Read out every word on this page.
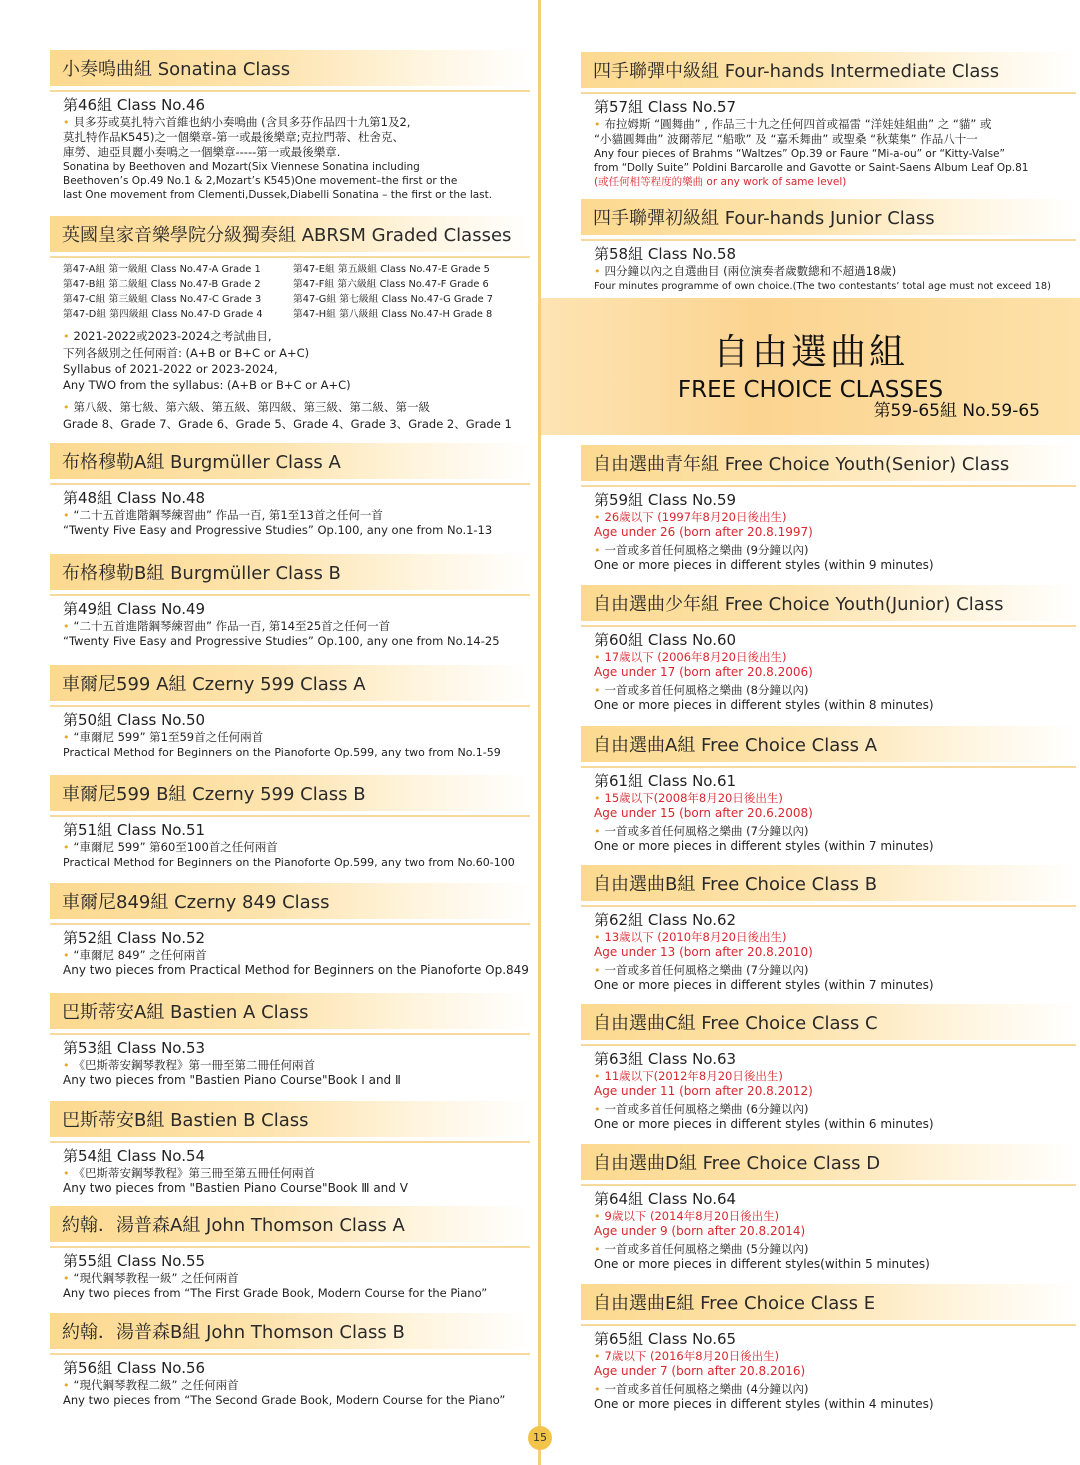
小奏鳴曲組 Sonatina Class
第46組 Class No.46
• 貝多芬或莫扎特六首維也納小奏鳴曲 (含貝多芬作品四十九第1及2,
莫扎特作品K545)之一個樂章-第一或最後樂章;克拉門蒂、杜舍克、
庫勞、迪亞貝麗小奏鳴之一個樂章-----第一或最後樂章.
Sonatina by Beethoven and Mozart(Six Viennese Sonatina including
Beethoven’s Op.49 No.1 & 2,Mozart’s K545)One movement–the first or the
last One movement from Clementi,Dussek,Diabelli Sonatina – the first or the last.
英國皇家音樂學院分級獨奏組 ABRSM Graded Classes
第47-A組 第一級組 Class No.47-A Grade 1	第47-E組 第五級組 Class No.47-E Grade 5
第47-B組 第二級組 Class No.47-B Grade 2	第47-F組 第六級組 Class No.47-F Grade 6
第47-C組 第三級組 Class No.47-C Grade 3	第47-G組 第七級組 Class No.47-G Grade 7
第47-D組 第四級組 Class No.47-D Grade 4	第47-H組 第八級組 Class No.47-H Grade 8
• 2021-2022或2023-2024之考試曲目,
下列各級別之任何兩首: (A+B or B+C or A+C)
Syllabus of 2021-2022 or 2023-2024,
Any TWO from the syllabus: (A+B or B+C or A+C)
• 第八級、第七級、第六級、第五級、第四級、第三級、第二級、第一級
Grade 8、Grade 7、Grade 6、Grade 5、Grade 4、Grade 3、Grade 2、Grade 1
布格穆勒A組 Burgmüller Class A
第48組 Class No.48
• “二十五首進階鋼琴練習曲” 作品一百, 第1至13首之任何一首
“Twenty Five Easy and Progressive Studies” Op.100, any one from No.1-13
布格穆勒B組 Burgmüller Class B
第49組 Class No.49
• “二十五首進階鋼琴練習曲” 作品一百, 第14至25首之任何一首
“Twenty Five Easy and Progressive Studies” Op.100, any one from No.14-25
車爾尼599 A組 Czerny 599 Class A
第50組 Class No.50
• “車爾尼 599” 第1至59首之任何兩首
Practical Method for Beginners on the Pianoforte Op.599, any two from No.1-59
車爾尼599 B組 Czerny 599 Class B
第51組 Class No.51
• “車爾尼 599” 第60至100首之任何兩首
Practical Method for Beginners on the Pianoforte Op.599, any two from No.60-100
車爾尼849組 Czerny 849 Class
第52組 Class No.52
• “車爾尼 849” 之任何兩首
Any two pieces from Practical Method for Beginners on the Pianoforte Op.849
巴斯蒂安A組 Bastien A Class
第53組 Class No.53
• 《巴斯蒂安鋼琴教程》第一冊至第二冊任何兩首
Any two pieces from "Bastien Piano Course"Book Ⅰ and Ⅱ
巴斯蒂安B組 Bastien B Class
第54組 Class No.54
• 《巴斯蒂安鋼琴教程》第三冊至第五冊任何兩首
Any two pieces from "Bastien Piano Course"Book Ⅲ and Ⅴ
約翰．湯普森A組 John Thomson Class A
第55組 Class No.55
• “現代鋼琴教程一級” 之任何兩首
Any two pieces from “The First Grade Book, Modern Course for the Piano”
約翰．湯普森B組 John Thomson Class B
第56組 Class No.56
• “現代鋼琴教程二級” 之任何兩首
Any two pieces from “The Second Grade Book, Modern Course for the Piano”
四手聯彈中級組 Four-hands Intermediate Class
第57組 Class No.57
• 布拉姆斯 “圓舞曲” , 作品三十九之任何四首或福雷 “洋娃娃組曲” 之 “貓” 或
“小貓圓舞曲” 波爾蒂尼 “船歌” 及 “嘉禾舞曲” 或聖桑 “秋葉集” 作品八十一
Any four pieces of Brahms “Waltzes” Op.39 or Faure “Mi-a-ou” or “Kitty-Valse”
from “Dolly Suite” Poldini Barcarolle and Gavotte or Saint-Saens Album Leaf Op.81
(或任何相等程度的樂曲 or any work of same level)
四手聯彈初級組 Four-hands Junior Class
第58組 Class No.58
• 四分鐘以內之自選曲目 (兩位演奏者歲數總和不超過18歲)
Four minutes programme of own choice.(The two contestants’ total age must not exceed 18)
自由選曲組
FREE CHOICE CLASSES
第59-65組 No.59-65
自由選曲青年組 Free Choice Youth(Senior) Class
第59組 Class No.59
• 26歲以下 (1997年8月20日後出生)
Age under 26 (born after 20.8.1997)
• 一首或多首任何風格之樂曲 (9分鐘以內)
One or more pieces in different styles (within 9 minutes)
自由選曲少年組 Free Choice Youth(Junior) Class
第60組 Class No.60
• 17歲以下 (2006年8月20日後出生)
Age under 17 (born after 20.8.2006)
• 一首或多首任何風格之樂曲 (8分鐘以內)
One or more pieces in different styles (within 8 minutes)
自由選曲A組 Free Choice Class A
第61組 Class No.61
• 15歲以下(2008年8月20日後出生)
Age under 15 (born after 20.6.2008)
• 一首或多首任何風格之樂曲 (7分鐘以內)
One or more pieces in different styles (within 7 minutes)
自由選曲B組 Free Choice Class B
第62組 Class No.62
• 13歲以下 (2010年8月20日後出生)
Age under 13 (born after 20.8.2010)
• 一首或多首任何風格之樂曲 (7分鐘以內)
One or more pieces in different styles (within 7 minutes)
自由選曲C組 Free Choice Class C
第63組 Class No.63
• 11歲以下(2012年8月20日後出生)
Age under 11 (born after 20.8.2012)
• 一首或多首任何風格之樂曲 (6分鐘以內)
One or more pieces in different styles (within 6 minutes)
自由選曲D組 Free Choice Class D
第64組 Class No.64
• 9歲以下 (2014年8月20日後出生)
Age under 9 (born after 20.8.2014)
• 一首或多首任何風格之樂曲 (5分鐘以內)
One or more pieces in different styles(within 5 minutes)
自由選曲E組 Free Choice Class E
第65組 Class No.65
• 7歲以下 (2016年8月20日後出生)
Age under 7 (born after 20.8.2016)
• 一首或多首任何風格之樂曲 (4分鐘以內)
One or more pieces in different styles (within 4 minutes)
15
